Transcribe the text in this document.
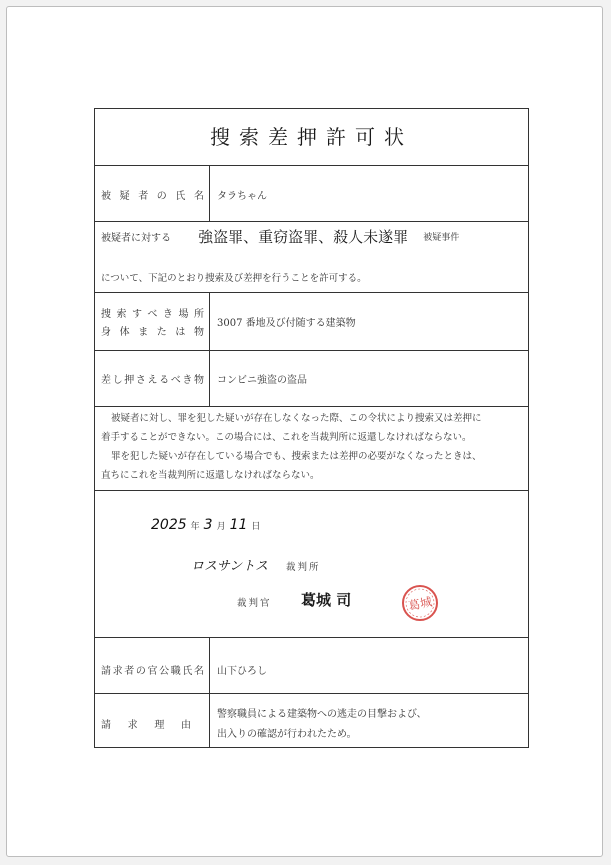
搜索差押許可状
被疑者の氏名 タラちゃん
被疑者に対する 強盗罪、重窃盗罪、殺人未遂罪 被疑事件
について、下記のとおり捜索及び差押を行うことを許可する。
捜索すべき場所
身体または物
3007 番地及び付随する建築物
差し押さえるべき物 コンビニ強盗の盗品
被疑者に対し、罪を犯した疑いが存在しなくなった際、この令状により捜索又は差押に
着手することができない。この場合には、これを当裁判所に返還しなければならない。
罪を犯した疑いが存在している場合でも、捜索または差押の必要がなくなったときは、
直ちにこれを当裁判所に返還しなければならない。
2025 年 3 月 11 日
ロスサントス 裁判所
裁判官 葛城 司	葛城
請求者の官公職氏名 山下ひろし
請求理由
警察職員による建築物への逃走の目撃および、
出入りの確認が行われたため。
